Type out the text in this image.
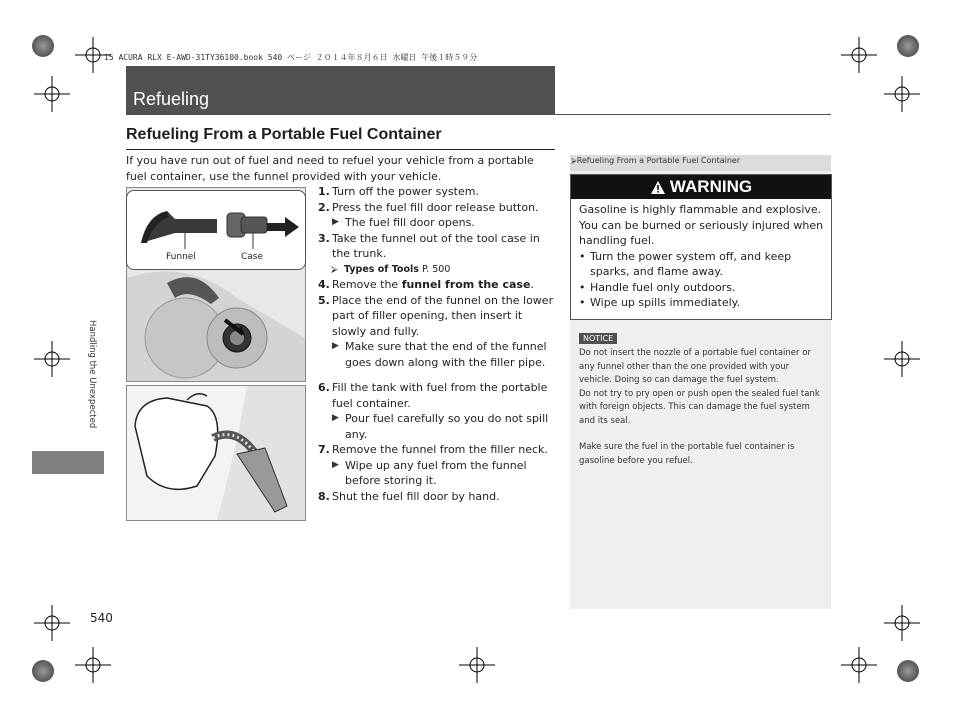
15 ACURA RLX E-AWD-31TY36100.book 540 ページ ２０１４年８月６日 水曜日 午後１時５９分
Refueling
Refueling From a Portable Fuel Container
If you have run out of fuel and need to refuel your vehicle from a portable fuel container, use the funnel provided with your vehicle.
Funnel	Case
1. Turn off the power system.
2. Press the fuel fill door release button.
▶ The fuel fill door opens.
3. Take the funnel out of the tool case in the trunk.
⮚ Types of Tools P. 500
4. Remove the funnel from the case.
5. Place the end of the funnel on the lower part of filler opening, then insert it slowly and fully.
▶ Make sure that the end of the funnel goes down along with the filler pipe.
6. Fill the tank with fuel from the portable fuel container.
▶ Pour fuel carefully so you do not spill any.
7. Remove the funnel from the filler neck.
▶ Wipe up any fuel from the funnel before storing it.
8. Shut the fuel fill door by hand.
Handling the Unexpected
540
⮚Refueling From a Portable Fuel Container
WARNING
Gasoline is highly flammable and explosive. You can be burned or seriously injured when handling fuel.
• Turn the power system off, and keep sparks, and flame away.
• Handle fuel only outdoors.
• Wipe up spills immediately.
NOTICE

Do not insert the nozzle of a portable fuel container or any funnel other than the one provided with your vehicle. Doing so can damage the fuel system.

Do not try to pry open or push open the sealed fuel tank with foreign objects. This can damage the fuel system and its seal.

Make sure the fuel in the portable fuel container is gasoline before you refuel.
